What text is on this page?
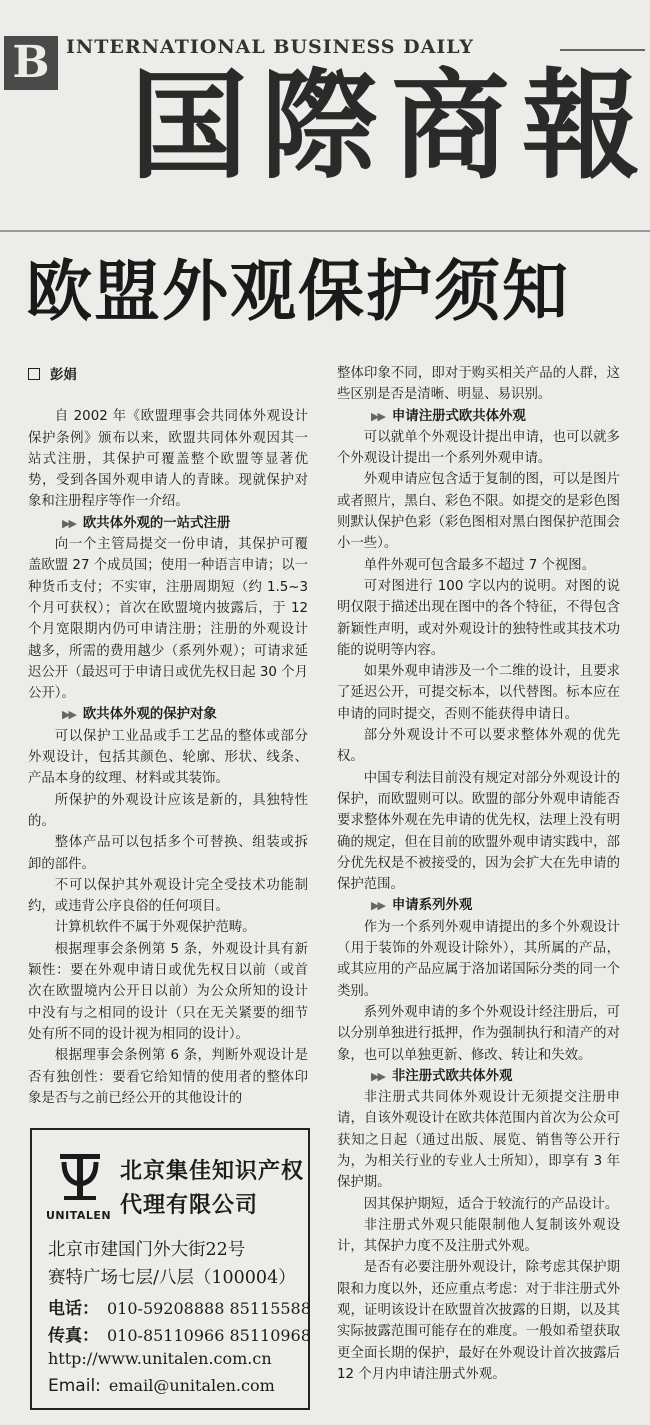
B INTERNATIONAL BUSINESS DAILY
国 際 商 報
欧盟外观保护须知

彭娟

自 2002 年《欧盟理事会共同体外观设计保护条例》颁布以来，欧盟共同体外观因其一站式注册，其保护可覆盖整个欧盟等显著优势，受到各国外观申请人的青睐。现就保护对象和注册程序等作一介绍。

▶▶ 欧共体外观的一站式注册

向一个主管局提交一份申请，其保护可覆盖欧盟 27 个成员国；使用一种语言申请；以一种货币支付；不实审，注册周期短（约 1.5~3 个月可获权）；首次在欧盟境内披露后，于 12 个月宽限期内仍可申请注册；注册的外观设计越多，所需的费用越少（系列外观）；可请求延迟公开（最迟可于申请日或优先权日起 30 个月公开）。

▶▶ 欧共体外观的保护对象

可以保护工业品或手工艺品的整体或部分外观设计，包括其颜色、轮廓、形状、线条、产品本身的纹理、材料或其装饰。

所保护的外观设计应该是新的，具独特性的。

整体产品可以包括多个可替换、组装或拆卸的部件。

不可以保护其外观设计完全受技术功能制约，或违背公序良俗的任何项目。

计算机软件不属于外观保护范畴。

根据理事会条例第 5 条，外观设计具有新颖性：要在外观申请日或优先权日以前（或首次在欧盟境内公开日以前）为公众所知的设计中没有与之相同的设计（只在无关紧要的细节处有所不同的设计视为相同的设计）。

根据理事会条例第 6 条，判断外观设计是否有独创性：要看它给知情的使用者的整体印象是否与之前已经公开的其他设计的

整体印象不同，即对于购买相关产品的人群，这些区别是否是清晰、明显、易识别。

▶▶ 申请注册式欧共体外观

可以就单个外观设计提出申请，也可以就多个外观设计提出一个系列外观申请。

外观申请应包含适于复制的图，可以是图片或者照片，黑白、彩色不限。如提交的是彩色图则默认保护色彩（彩色图相对黑白图保护范围会小一些）。

单件外观可包含最多不超过 7 个视图。

可对图进行 100 字以内的说明。对图的说明仅限于描述出现在图中的各个特征，不得包含新颖性声明，或对外观设计的独特性或其技术功能的说明等内容。

如果外观申请涉及一个二维的设计，且要求了延迟公开，可提交标本，以代替图。标本应在申请的同时提交，否则不能获得申请日。

部分外观设计不可以要求整体外观的优先权。

中国专利法目前没有规定对部分外观设计的保护，而欧盟则可以。欧盟的部分外观申请能否要求整体外观在先申请的优先权，法理上没有明确的规定，但在目前的欧盟外观申请实践中，部分优先权是不被接受的，因为会扩大在先申请的保护范围。

▶▶ 申请系列外观

作为一个系列外观申请提出的多个外观设计（用于装饰的外观设计除外），其所属的产品，或其应用的产品应属于洛加诺国际分类的同一个类别。

系列外观申请的多个外观设计经注册后，可以分别单独进行抵押，作为强制执行和清产的对象，也可以单独更新、修改、转让和失效。

▶▶ 非注册式欧共体外观

非注册式共同体外观设计无须提交注册申请，自该外观设计在欧共体范围内首次为公众可获知之日起（通过出版、展览、销售等公开行为，为相关行业的专业人士所知），即享有 3 年保护期。

因其保护期短，适合于较流行的产品设计。

非注册式外观只能限制他人复制该外观设计，其保护力度不及注册式外观。

是否有必要注册外观设计，除考虑其保护期限和力度以外，还应重点考虑：对于非注册式外观，证明该设计在欧盟首次披露的日期，以及其实际披露范围可能存在的难度。一般如希望获取更全面长期的保护，最好在外观设计首次披露后 12 个月内申请注册式外观。

UNITALEN
北京集佳知识产权
代理有限公司
北京市建国门外大街22号
赛特广场七层/八层（100004）
电话： 010-59208888 85115588
传真： 010-85110966 85110968
http://www.unitalen.com.cn
Email: email@unitalen.com
